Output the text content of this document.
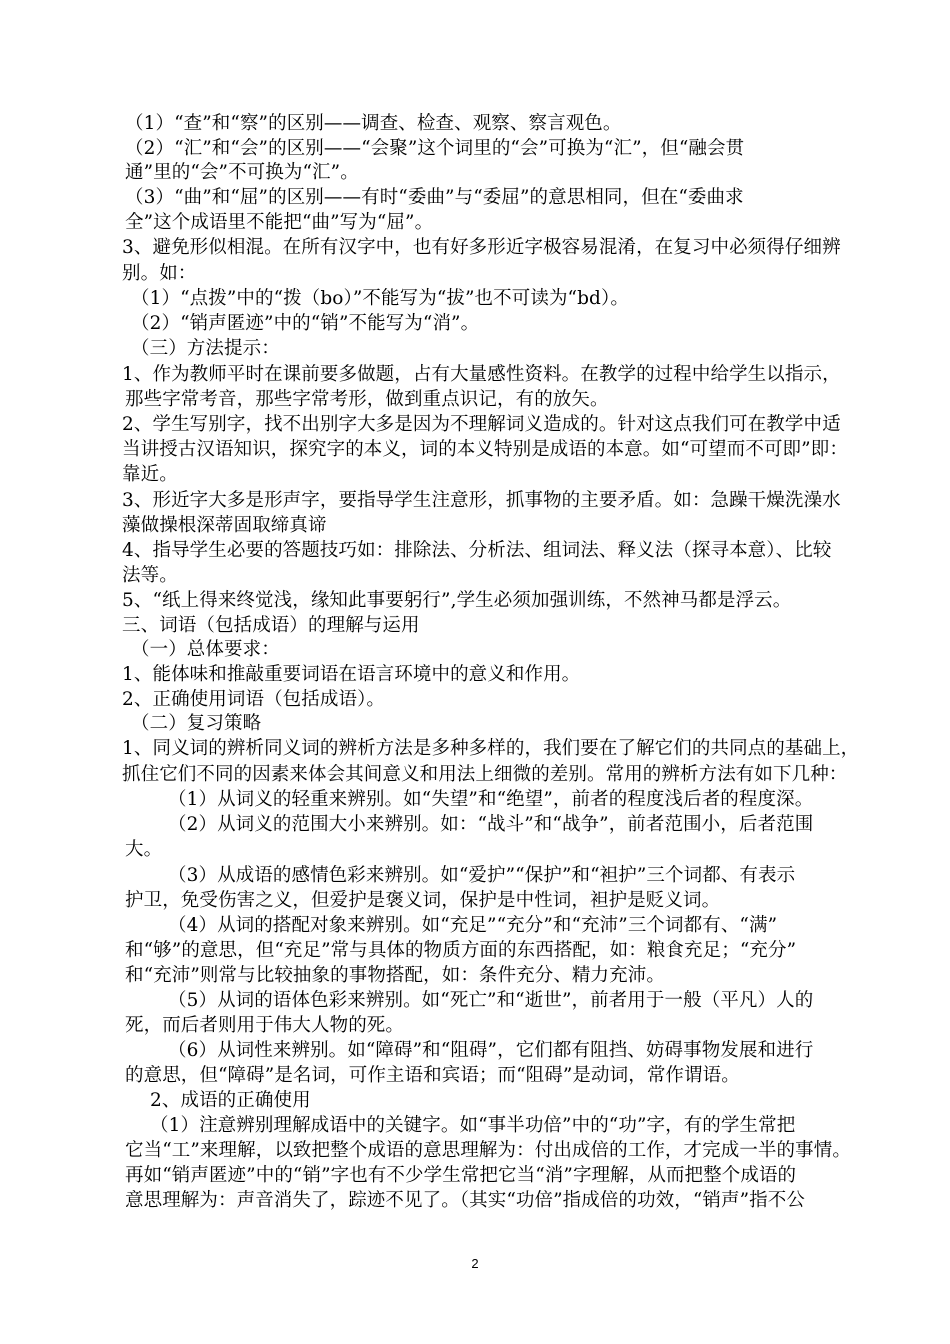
（1）“查”和“察”的区别——调查、检查、观察、察言观色。
（2）“汇”和“会”的区别——“会聚”这个词里的“会”可换为“汇”，但“融会贯
通”里的“会”不可换为“汇”。
（3）“曲”和“屈”的区别——有时“委曲”与“委屈”的意思相同，但在“委曲求
全”这个成语里不能把“曲”写为“屈”。
3、避免形似相混。在所有汉字中，也有好多形近字极容易混淆，在复习中必须得仔细辨
别。如：
（1）“点拨”中的“拨（bo）”不能写为“拔”也不可读为“bd）。
（2）“销声匿迹”中的“销”不能写为“消”。
（三）方法提示：
1、作为教师平时在课前要多做题，占有大量感性资料。在教学的过程中给学生以指示，
那些字常考音，那些字常考形，做到重点识记，有的放矢。
2、学生写别字，找不出别字大多是因为不理解词义造成的。针对这点我们可在教学中适
当讲授古汉语知识，探究字的本义，词的本义特别是成语的本意。如“可望而不可即”即：
靠近。
3、形近字大多是形声字，要指导学生注意形，抓事物的主要矛盾。如：急躁干燥洗澡水
藻做操根深蒂固取缔真谛
4、指导学生必要的答题技巧如：排除法、分析法、组词法、释义法（探寻本意）、比较
法等。
5、“纸上得来终觉浅，缘知此事要躬行”,学生必须加强训练，不然神马都是浮云。
三、词语（包括成语）的理解与运用
（一）总体要求：
1、能体味和推敲重要词语在语言环境中的意义和作用。
2、正确使用词语（包括成语）。
（二）复习策略
1、同义词的辨析同义词的辨析方法是多种多样的，我们要在了解它们的共同点的基础上，
抓住它们不同的因素来体会其间意义和用法上细微的差别。常用的辨析方法有如下几种：
（1）从词义的轻重来辨别。如“失望”和“绝望”，前者的程度浅后者的程度深。
（2）从词义的范围大小来辨别。如：“战斗”和“战争”，前者范围小，后者范围
大。
（3）从成语的感情色彩来辨别。如“爱护”“保护”和“袒护”三个词都、有表示
护卫，免受伤害之义，但爱护是褒义词，保护是中性词，袒护是贬义词。
（4）从词的搭配对象来辨别。如“充足”“充分”和“充沛”三个词都有、“满”
和“够”的意思，但“充足”常与具体的物质方面的东西搭配，如：粮食充足；“充分”
和“充沛”则常与比较抽象的事物搭配，如：条件充分、精力充沛。
（5）从词的语体色彩来辨别。如“死亡”和“逝世”，前者用于一般（平凡）人的
死，而后者则用于伟大人物的死。
（6）从词性来辨别。如“障碍”和“阻碍”，它们都有阻挡、妨碍事物发展和进行
的意思，但“障碍”是名词，可作主语和宾语；而“阻碍”是动词，常作谓语。
2、成语的正确使用
（1）注意辨别理解成语中的关键字。如“事半功倍”中的“功”字，有的学生常把
它当“工”来理解，以致把整个成语的意思理解为：付出成倍的工作，才完成一半的事情。
再如“销声匿迹”中的“销”字也有不少学生常把它当“消”字理解，从而把整个成语的
意思理解为：声音消失了，踪迹不见了。（其实“功倍”指成倍的功效，“销声”指不公
2
